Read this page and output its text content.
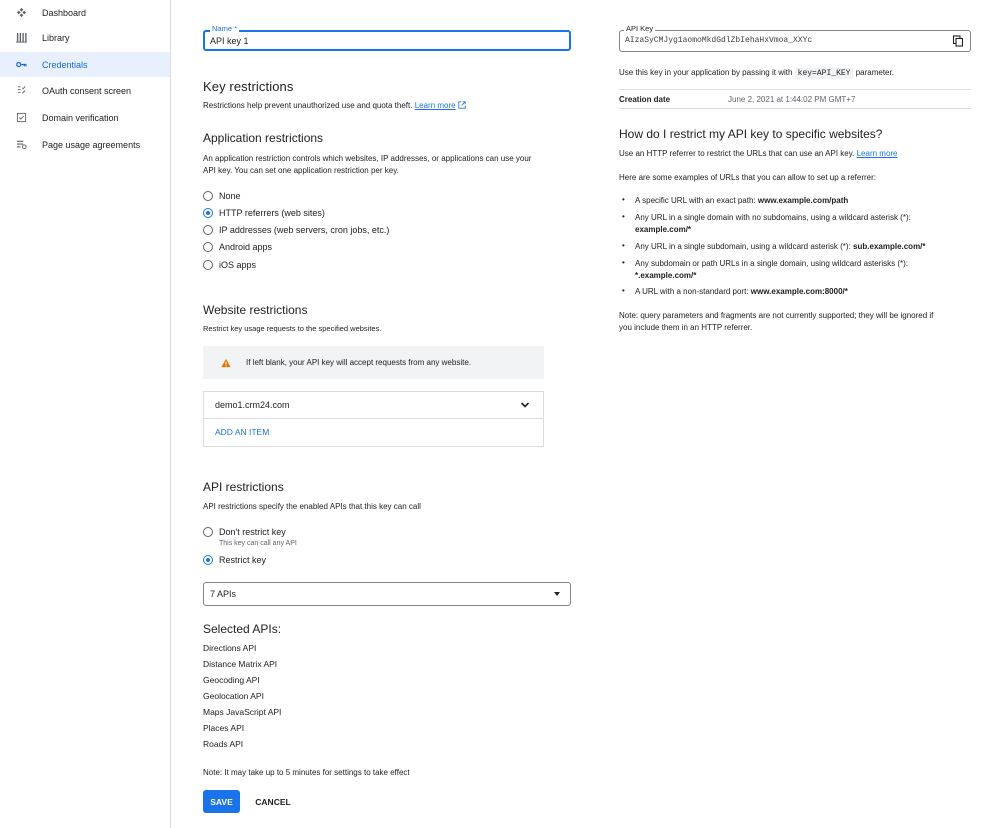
Dashboard
Library
Credentials
OAuth consent screen
Domain verification
Page usage agreements
Name *
API key 1
Key restrictions
Restrictions help prevent unauthorized use and quota theft. Learn more
Application restrictions
An application restriction controls which websites, IP addresses, or applications can use your
API key. You can set one application restriction per key.
None
HTTP referrers (web sites)
IP addresses (web servers, cron jobs, etc.)
Android apps
iOS apps
Website restrictions
Restrict key usage requests to the specified websites.
If left blank, your API key will accept requests from any website.
demo1.crm24.com
ADD AN ITEM
API restrictions
API restrictions specify the enabled APIs that this key can call
Don't restrict key
This key can call any API
Restrict key
7 APIs
Selected APIs:
Directions API
Distance Matrix API
Geocoding API
Geolocation API
Maps JavaScript API
Places API
Roads API
Note: It may take up to 5 minutes for settings to take effect
SAVE	CANCEL
API Key
AIzaSyCMJyg1aomoMkdGdlZbIehaHxVmoa_XXYc
Use this key in your application by passing it with key=API_KEY parameter.
Creation date	June 2, 2021 at 1:44:02 PM GMT+7
How do I restrict my API key to specific websites?
Use an HTTP referrer to restrict the URLs that can use an API key. Learn more
Here are some examples of URLs that you can allow to set up a referrer:
• A specific URL with an exact path: www.example.com/path
• Any URL in a single domain with no subdomains, using a wildcard asterisk (*):
example.com/*
• Any URL in a single subdomain, using a wildcard asterisk (*): sub.example.com/*
• Any subdomain or path URLs in a single domain, using wildcard asterisks (*):
*.example.com/*
• A URL with a non-standard port: www.example.com:8000/*
Note: query parameters and fragments are not currently supported; they will be ignored if
you include them in an HTTP referrer.
